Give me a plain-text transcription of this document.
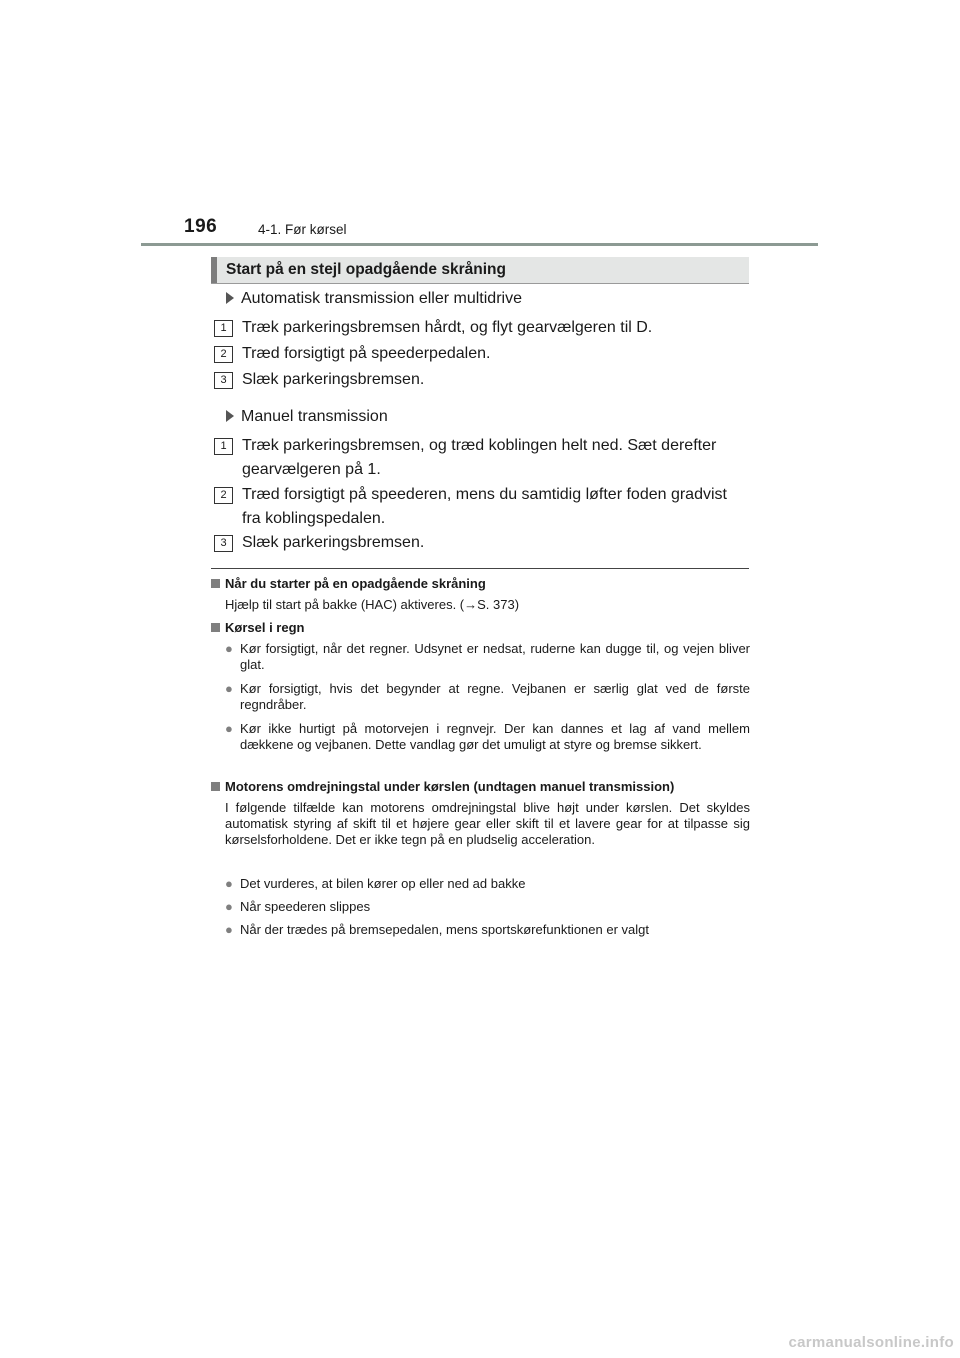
196	4-1. Før kørsel
Start på en stejl opadgående skråning
Automatisk transmission eller multidrive
1 Træk parkeringsbremsen hårdt, og flyt gearvælgeren til D.
2 Træd forsigtigt på speederpedalen.
3 Slæk parkeringsbremsen.
Manuel transmission
1 Træk parkeringsbremsen, og træd koblingen helt ned. Sæt derefter gearvælgeren på 1.
2 Træd forsigtigt på speederen, mens du samtidig løfter foden gradvist fra koblingspedalen.
3 Slæk parkeringsbremsen.
Når du starter på en opadgående skråning
Hjælp til start på bakke (HAC) aktiveres. (→S. 373)
Kørsel i regn
● Kør forsigtigt, når det regner. Udsynet er nedsat, ruderne kan dugge til, og vejen bliver glat.
● Kør forsigtigt, hvis det begynder at regne. Vejbanen er særlig glat ved de første regndråber.
● Kør ikke hurtigt på motorvejen i regnvejr. Der kan dannes et lag af vand mellem dækkene og vejbanen. Dette vandlag gør det umuligt at styre og bremse sikkert.
Motorens omdrejningstal under kørslen (undtagen manuel transmission)
I følgende tilfælde kan motorens omdrejningstal blive højt under kørslen. Det skyldes automatisk styring af skift til et højere gear eller skift til et lavere gear for at tilpasse sig kørselsforholdene. Det er ikke tegn på en pludselig acceleration.
● Det vurderes, at bilen kører op eller ned ad bakke
● Når speederen slippes
● Når der trædes på bremsepedalen, mens sportskørefunktionen er valgt
carmanualsonline.info
